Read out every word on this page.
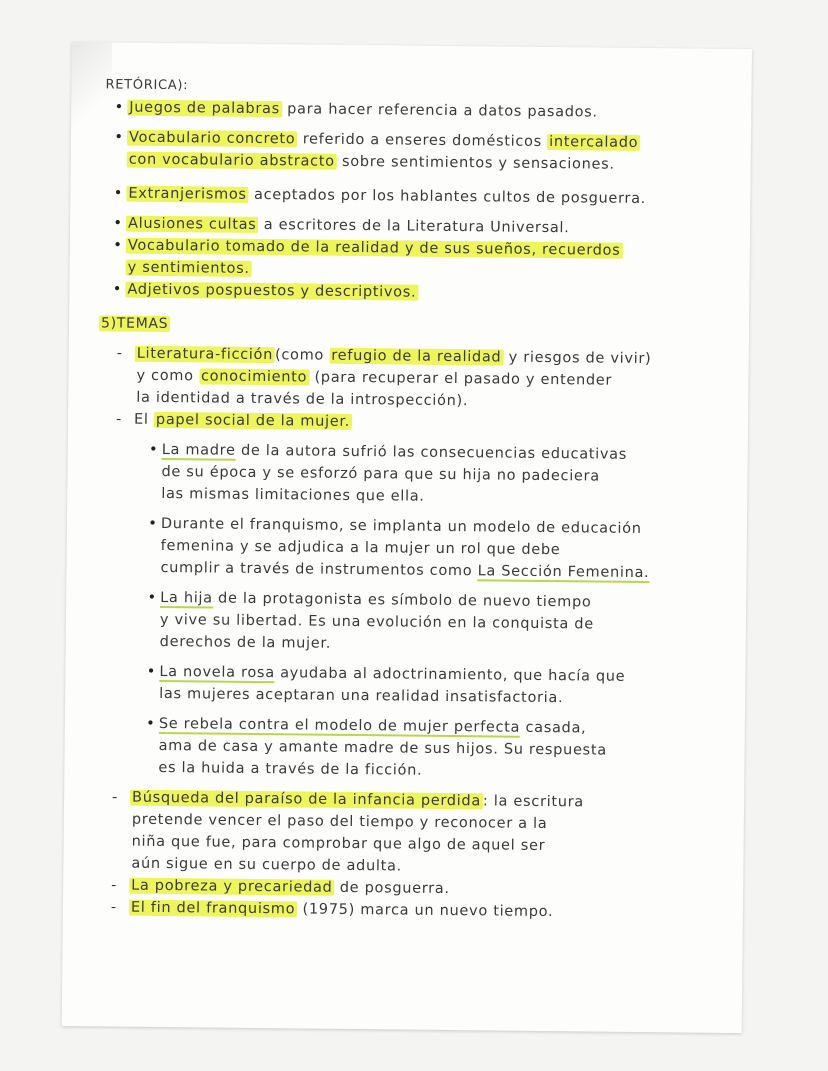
RETÓRICA):
• Juegos de palabras para hacer referencia a datos pasados.
• Vocabulario concreto referido a enseres domésticos intercalado
con vocabulario abstracto sobre sentimientos y sensaciones.
• Extranjerismos aceptados por los hablantes cultos de posguerra.
• Alusiones cultas a escritores de la Literatura Universal.
• Vocabulario tomado de la realidad y de sus sueños, recuerdos
y sentimientos.
• Adjetivos pospuestos y descriptivos.
5)TEMAS
- Literatura-ficción (como refugio de la realidad y riesgos de vivir)
y como conocimiento (para recuperar el pasado y entender
la identidad a través de la introspección).
- El papel social de la mujer.
• La madre de la autora sufrió las consecuencias educativas
de su época y se esforzó para que su hija no padeciera
las mismas limitaciones que ella.
• Durante el franquismo, se implanta un modelo de educación
femenina y se adjudica a la mujer un rol que debe
cumplir a través de instrumentos como La Sección Femenina.
• La hija de la protagonista es símbolo de nuevo tiempo
y vive su libertad. Es una evolución en la conquista de
derechos de la mujer.
• La novela rosa ayudaba al adoctrinamiento, que hacía que
las mujeres aceptaran una realidad insatisfactoria.
• Se rebela contra el modelo de mujer perfecta casada,
ama de casa y amante madre de sus hijos. Su respuesta
es la huida a través de la ficción.
- Búsqueda del paraíso de la infancia perdida : la escritura
pretende vencer el paso del tiempo y reconocer a la
niña que fue, para comprobar que algo de aquel ser
aún sigue en su cuerpo de adulta.
- La pobreza y precariedad de posguerra.
- El fin del franquismo (1975) marca un nuevo tiempo.
